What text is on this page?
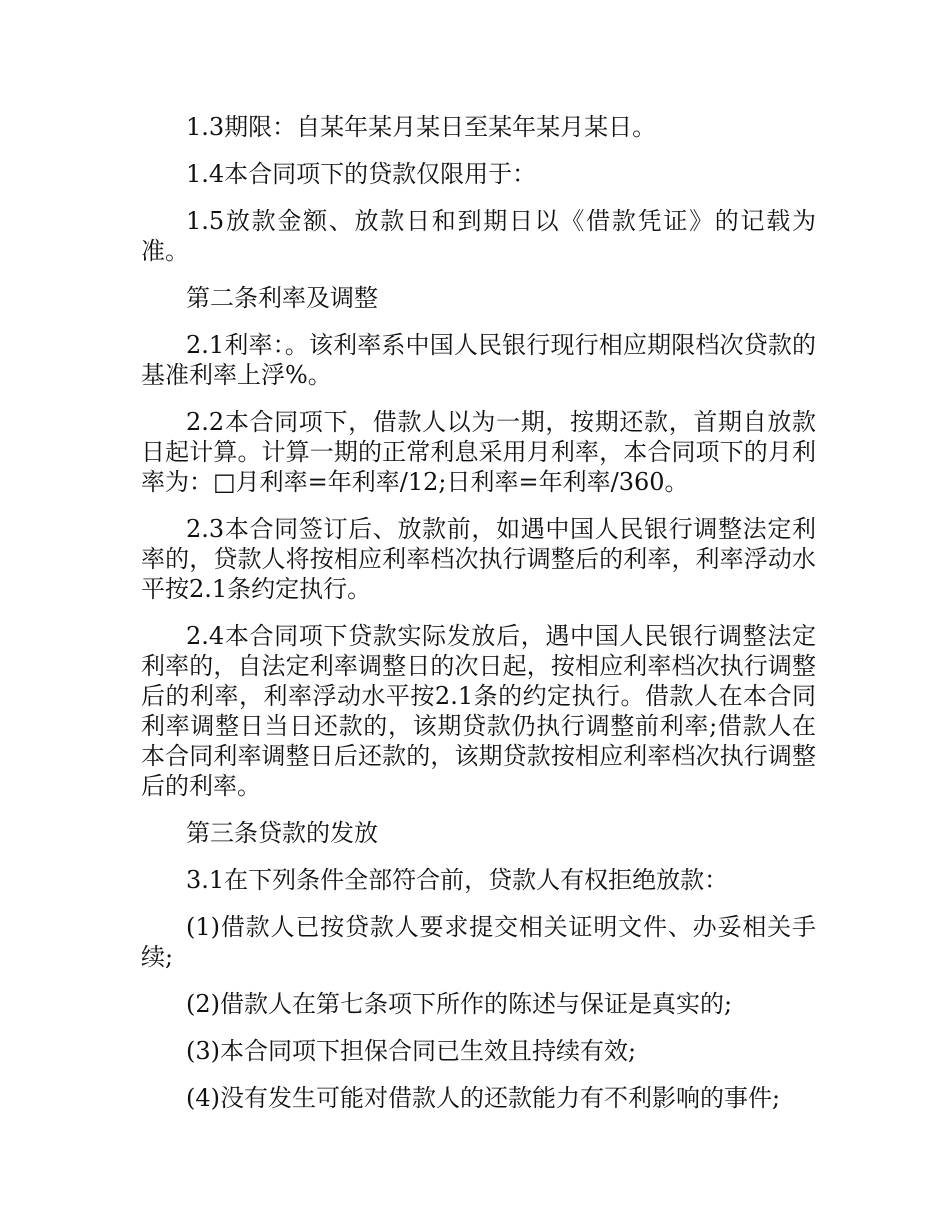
1.3期限：自某年某月某日至某年某月某日。

1.4本合同项下的贷款仅限用于：

1.5放款金额、放款日和到期日以《借款凭证》的记载为准。

第二条利率及调整

2.1利率：。该利率系中国人民银行现行相应期限档次贷款的基准利率上浮%。

2.2本合同项下，借款人以为一期，按期还款，首期自放款日起计算。计算一期的正常利息采用月利率，本合同项下的月利率为：□月利率=年利率/12;日利率=年利率/360。

2.3本合同签订后、放款前，如遇中国人民银行调整法定利率的，贷款人将按相应利率档次执行调整后的利率，利率浮动水平按2.1条约定执行。

2.4本合同项下贷款实际发放后，遇中国人民银行调整法定利率的，自法定利率调整日的次日起，按相应利率档次执行调整后的利率，利率浮动水平按2.1条的约定执行。借款人在本合同利率调整日当日还款的，该期贷款仍执行调整前利率;借款人在本合同利率调整日后还款的，该期贷款按相应利率档次执行调整后的利率。

第三条贷款的发放

3.1在下列条件全部符合前，贷款人有权拒绝放款：

(1)借款人已按贷款人要求提交相关证明文件、办妥相关手续;

(2)借款人在第七条项下所作的陈述与保证是真实的;

(3)本合同项下担保合同已生效且持续有效;

(4)没有发生可能对借款人的还款能力有不利影响的事件;
